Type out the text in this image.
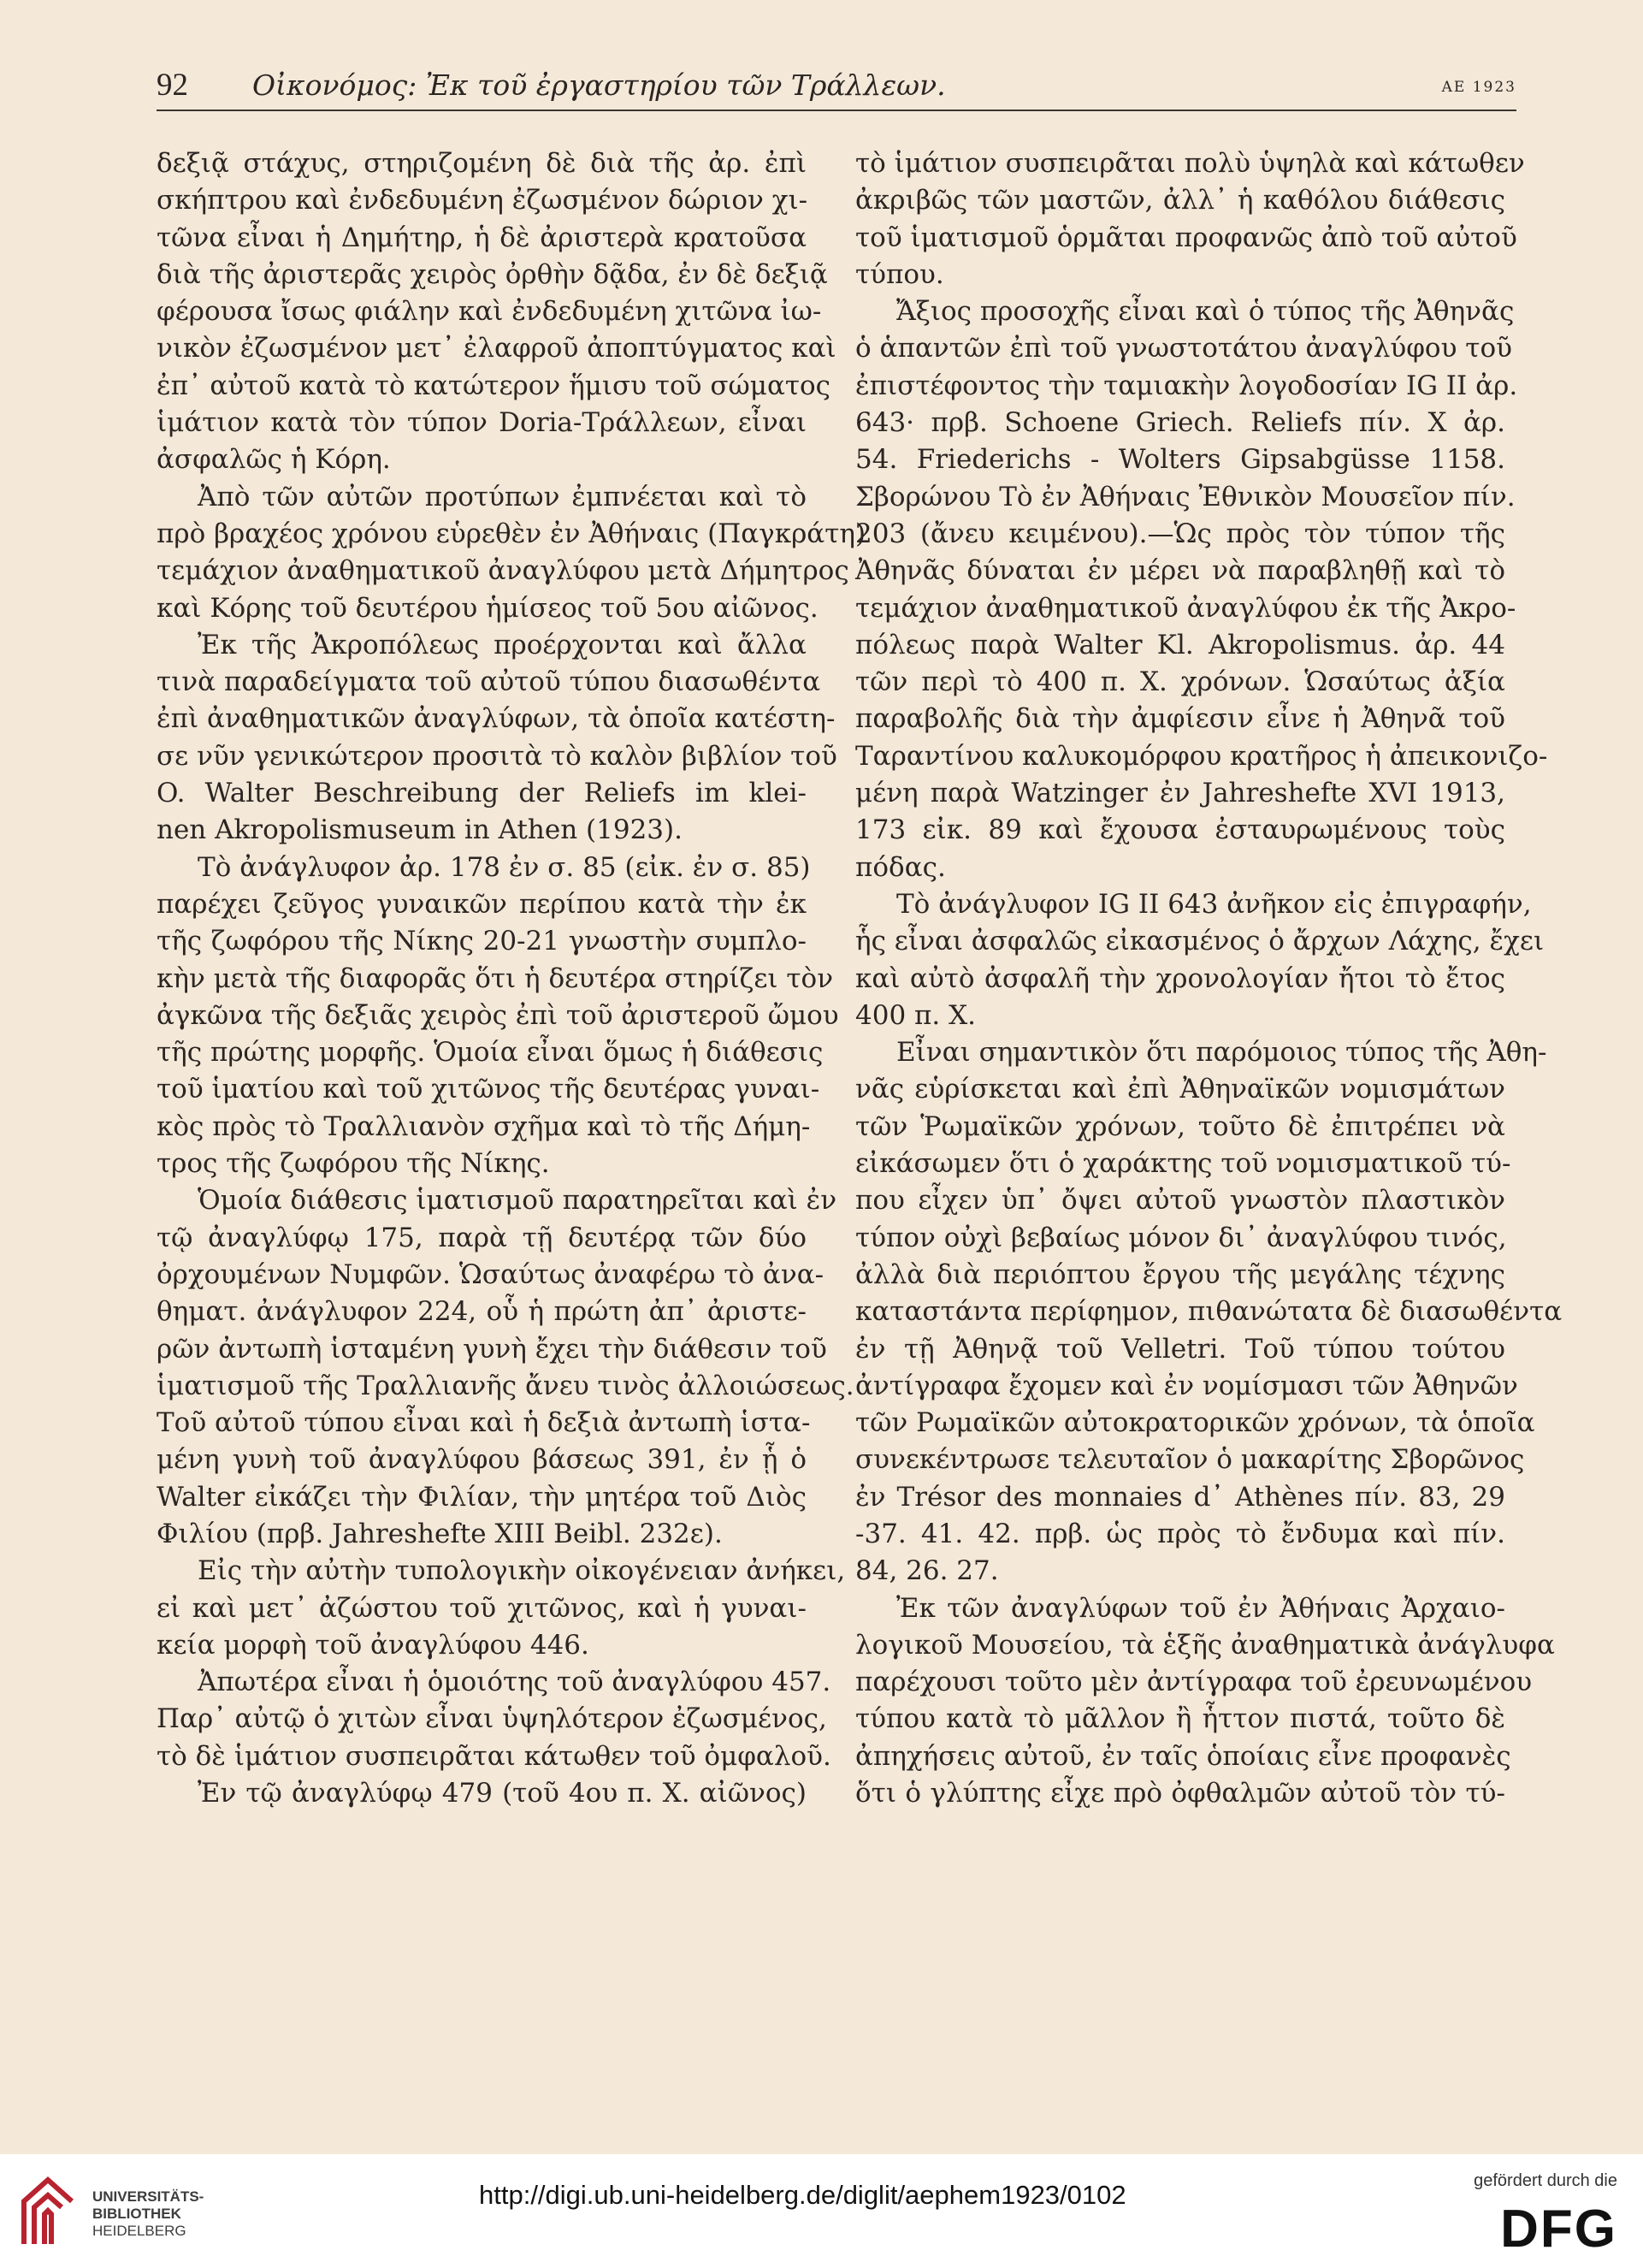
92 Οἰκονόμος: Ἐκ τοῦ ἐργαστηρίου τῶν Τράλλεων.	ΑΕ 1923
δεξιᾷ στάχυς, στηριζομένη δὲ διὰ τῆς ἀρ. ἐπὶ
σκήπτρου καὶ ἐνδεδυμένη ἐζωσμένον δώριον χι-
τῶνα εἶναι ἡ Δημήτηρ, ἡ δὲ ἀριστερὰ κρατοῦσα
διὰ τῆς ἀριστερᾶς χειρὸς ὀρθὴν δᾷδα, ἐν δὲ δεξιᾷ
φέρουσα ἴσως φιάλην καὶ ἐνδεδυμένη χιτῶνα ἰω-
νικὸν ἐζωσμένον μετ᾽ ἐλαφροῦ ἀποπτύγματος καὶ
ἐπ᾽ αὐτοῦ κατὰ τὸ κατώτερον ἥμισυ τοῦ σώματος
ἱμάτιον κατὰ τὸν τύπον Doria-Τράλλεων, εἶναι
ἀσφαλῶς ἡ Κόρη.
Ἀπὸ τῶν αὐτῶν προτύπων ἐμπνέεται καὶ τὸ
πρὸ βραχέος χρόνου εὑρεθὲν ἐν Ἀθήναις (Παγκράτη)
τεμάχιον ἀναθηματικοῦ ἀναγλύφου μετὰ Δήμητρος
καὶ Κόρης τοῦ δευτέρου ἡμίσεος τοῦ 5ου αἰῶνος.
Ἐκ τῆς Ἀκροπόλεως προέρχονται καὶ ἄλλα
τινὰ παραδείγματα τοῦ αὐτοῦ τύπου διασωθέντα
ἐπὶ ἀναθηματικῶν ἀναγλύφων, τὰ ὁποῖα κατέστη-
σε νῦν γενικώτερον προσιτὰ τὸ καλὸν βιβλίον τοῦ
O. Walter Beschreibung der Reliefs im klei-
nen Akropolismuseum in Athen (1923).
Τὸ ἀνάγλυφον ἀρ. 178 ἐν σ. 85 (εἰκ. ἐν σ. 85)
παρέχει ζεῦγος γυναικῶν περίπου κατὰ τὴν ἐκ
τῆς ζωφόρου τῆς Νίκης 20-21 γνωστὴν συμπλο-
κὴν μετὰ τῆς διαφορᾶς ὅτι ἡ δευτέρα στηρίζει τὸν
ἀγκῶνα τῆς δεξιᾶς χειρὸς ἐπὶ τοῦ ἀριστεροῦ ὤμου
τῆς πρώτης μορφῆς. Ὁμοία εἶναι ὅμως ἡ διάθεσις
τοῦ ἱματίου καὶ τοῦ χιτῶνος τῆς δευτέρας γυναι-
κὸς πρὸς τὸ Τραλλιανὸν σχῆμα καὶ τὸ τῆς Δήμη-
τρος τῆς ζωφόρου τῆς Νίκης.
Ὁμοία διάθεσις ἱματισμοῦ παρατηρεῖται καὶ ἐν
τῷ ἀναγλύφῳ 175, παρὰ τῇ δευτέρᾳ τῶν δύο
ὀρχουμένων Νυμφῶν. Ὡσαύτως ἀναφέρω τὸ ἀνα-
θηματ. ἀνάγλυφον 224, οὗ ἡ πρώτη ἀπ᾽ ἀριστε-
ρῶν ἀντωπὴ ἱσταμένη γυνὴ ἔχει τὴν διάθεσιν τοῦ
ἱματισμοῦ τῆς Τραλλιανῆς ἄνευ τινὸς ἀλλοιώσεως.
Τοῦ αὐτοῦ τύπου εἶναι καὶ ἡ δεξιὰ ἀντωπὴ ἱστα-
μένη γυνὴ τοῦ ἀναγλύφου βάσεως 391, ἐν ᾗ ὁ
Walter εἰκάζει τὴν Φιλίαν, τὴν μητέρα τοῦ Διὸς
Φιλίου (πρβ. Jahreshefte XIII Beibl. 232ε).
Εἰς τὴν αὐτὴν τυπολογικὴν οἰκογένειαν ἀνήκει,
εἰ καὶ μετ᾽ ἀζώστου τοῦ χιτῶνος, καὶ ἡ γυναι-
κεία μορφὴ τοῦ ἀναγλύφου 446.
Ἀπωτέρα εἶναι ἡ ὁμοιότης τοῦ ἀναγλύφου 457.
Παρ᾽ αὐτῷ ὁ χιτὼν εἶναι ὑψηλότερον ἐζωσμένος,
τὸ δὲ ἱμάτιον συσπειρᾶται κάτωθεν τοῦ ὀμφαλοῦ.
Ἐν τῷ ἀναγλύφῳ 479 (τοῦ 4ου π. Χ. αἰῶνος)
τὸ ἱμάτιον συσπειρᾶται πολὺ ὑψηλὰ καὶ κάτωθεν
ἀκριβῶς τῶν μαστῶν, ἀλλ᾽ ἡ καθόλου διάθεσις
τοῦ ἱματισμοῦ ὁρμᾶται προφανῶς ἀπὸ τοῦ αὐτοῦ
τύπου.
Ἄξιος προσοχῆς εἶναι καὶ ὁ τύπος τῆς Ἀθηνᾶς
ὁ ἁπαντῶν ἐπὶ τοῦ γνωστοτάτου ἀναγλύφου τοῦ
ἐπιστέφοντος τὴν ταμιακὴν λογοδοσίαν IG II ἀρ.
643· πρβ. Schoene Griech. Reliefs πίν. X ἀρ.
54. Friederichs - Wolters Gipsabgüsse 1158.
Σβορώνου Τὸ ἐν Ἀθήναις Ἐθνικὸν Μουσεῖον πίν.
203 (ἄνευ κειμένου).—Ὡς πρὸς τὸν τύπον τῆς
Ἀθηνᾶς δύναται ἐν μέρει νὰ παραβληθῇ καὶ τὸ
τεμάχιον ἀναθηματικοῦ ἀναγλύφου ἐκ τῆς Ἀκρο-
πόλεως παρὰ Walter Kl. Akropolismus. ἀρ. 44
τῶν περὶ τὸ 400 π. Χ. χρόνων. Ὡσαύτως ἀξία
παραβολῆς διὰ τὴν ἀμφίεσιν εἶνε ἡ Ἀθηνᾶ τοῦ
Ταραντίνου καλυκομόρφου κρατῆρος ἡ ἀπεικονιζο-
μένη παρὰ Watzinger ἐν Jahreshefte XVI 1913,
173 εἰκ. 89 καὶ ἔχουσα ἐσταυρωμένους τοὺς
πόδας.
Τὸ ἀνάγλυφον IG II 643 ἀνῆκον εἰς ἐπιγραφήν,
ἧς εἶναι ἀσφαλῶς εἰκασμένος ὁ ἄρχων Λάχης, ἔχει
καὶ αὐτὸ ἀσφαλῆ τὴν χρονολογίαν ἤτοι τὸ ἔτος
400 π. Χ.
Εἶναι σημαντικὸν ὅτι παρόμοιος τύπος τῆς Ἀθη-
νᾶς εὑρίσκεται καὶ ἐπὶ Ἀθηναϊκῶν νομισμάτων
τῶν Ῥωμαϊκῶν χρόνων, τοῦτο δὲ ἐπιτρέπει νὰ
εἰκάσωμεν ὅτι ὁ χαράκτης τοῦ νομισματικοῦ τύ-
που εἶχεν ὑπ᾽ ὄψει αὐτοῦ γνωστὸν πλαστικὸν
τύπον οὐχὶ βεβαίως μόνον δι᾽ ἀναγλύφου τινός,
ἀλλὰ διὰ περιόπτου ἔργου τῆς μεγάλης τέχνης
καταστάντα περίφημον, πιθανώτατα δὲ διασωθέντα
ἐν τῇ Ἀθηνᾷ τοῦ Velletri. Τοῦ τύπου τούτου
ἀντίγραφα ἔχομεν καὶ ἐν νομίσμασι τῶν Ἀθηνῶν
τῶν Ρωμαϊκῶν αὐτοκρατορικῶν χρόνων, τὰ ὁποῖα
συνεκέντρωσε τελευταῖον ὁ μακαρίτης Σβορῶνος
ἐν Trésor des monnaies d᾽ Athènes πίν. 83, 29
-37. 41. 42. πρβ. ὡς πρὸς τὸ ἔνδυμα καὶ πίν.
84, 26. 27.
Ἐκ τῶν ἀναγλύφων τοῦ ἐν Ἀθήναις Ἀρχαιο-
λογικοῦ Μουσείου, τὰ ἑξῆς ἀναθηματικὰ ἀνάγλυφα
παρέχουσι τοῦτο μὲν ἀντίγραφα τοῦ ἐρευνωμένου
τύπου κατὰ τὸ μᾶλλον ἢ ἧττον πιστά, τοῦτο δὲ
ἀπηχήσεις αὐτοῦ, ἐν ταῖς ὁποίαις εἶνε προφανὲς
ὅτι ὁ γλύπτης εἶχε πρὸ ὀφθαλμῶν αὐτοῦ τὸν τύ-
UNIVERSITÄTS-
BIBLIOTHEK
HEIDELBERG
http://digi.ub.uni-heidelberg.de/diglit/aephem1923/0102	gefördert durch die
DFG
